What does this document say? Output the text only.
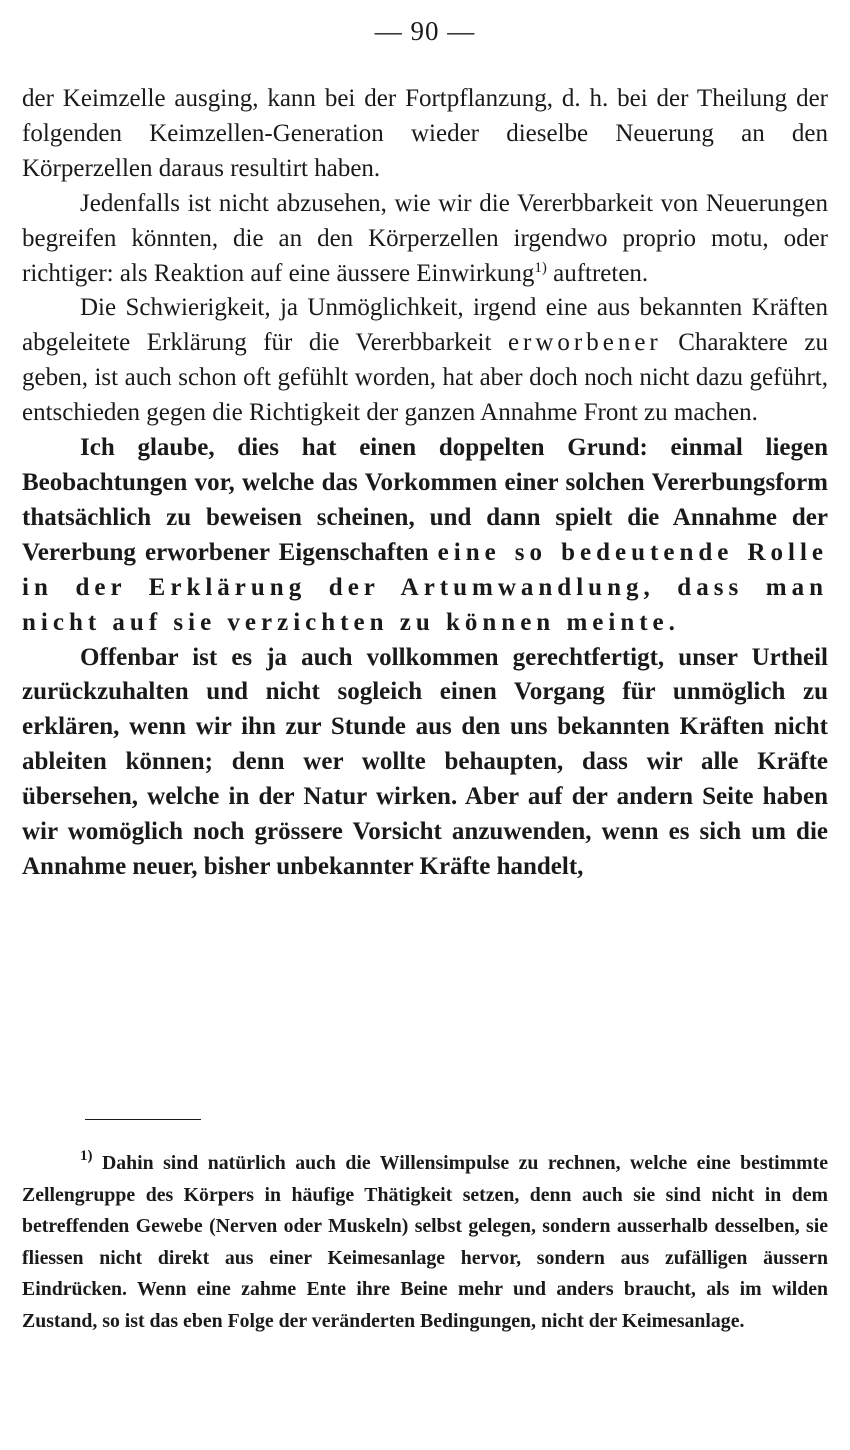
— 90 —

der Keimzelle ausging, kann bei der Fortpflanzung, d. h. bei der Theilung der folgenden Keimzellen-Generation wieder dieselbe Neuerung an den Körperzellen daraus resultirt haben.

Jedenfalls ist nicht abzusehen, wie wir die Vererbbarkeit von Neuerungen begreifen könnten, die an den Körperzellen irgendwo proprio motu, oder richtiger: als Reaktion auf eine äussere Einwirkung$^{1)}$ auftreten.

Die Schwierigkeit, ja Unmöglichkeit, irgend eine aus bekannten Kräften abgeleitete Erklärung für die Vererbbarkeit erworbener Charaktere zu geben, ist auch schon oft gefühlt worden, hat aber doch noch nicht dazu geführt, entschieden gegen die Richtigkeit der ganzen Annahme Front zu machen.

Ich glaube, dies hat einen doppelten Grund: einmal liegen Beobachtungen vor, welche das Vorkommen einer solchen Vererbungsform thatsächlich zu beweisen scheinen, und dann spielt die Annahme der Vererbung erworbener Eigenschaften eine so bedeutende Rolle in der Erklärung der Artumwandlung, dass man nicht auf sie verzichten zu können meinte.

Offenbar ist es ja auch vollkommen gerechtfertigt, unser Urtheil zurückzuhalten und nicht sogleich einen Vorgang für unmöglich zu erklären, wenn wir ihn zur Stunde aus den uns bekannten Kräften nicht ableiten können; denn wer wollte behaupten, dass wir alle Kräfte übersehen, welche in der Natur wirken. Aber auf der andern Seite haben wir womöglich noch grössere Vorsicht anzuwenden, wenn es sich um die Annahme neuer, bisher unbekannter Kräfte handelt,

$^{1)}$ Dahin sind natürlich auch die Willensimpulse zu rechnen, welche eine bestimmte Zellengruppe des Körpers in häufige Thätigkeit setzen, denn auch sie sind nicht in dem betreffenden Gewebe (Nerven oder Muskeln) selbst gelegen, sondern ausserhalb desselben, sie fliessen nicht direkt aus einer Keimesanlage hervor, sondern aus zufälligen äussern Eindrücken. Wenn eine zahme Ente ihre Beine mehr und anders braucht, als im wilden Zustand, so ist das eben Folge der veränderten Bedingungen, nicht der Keimesanlage.
